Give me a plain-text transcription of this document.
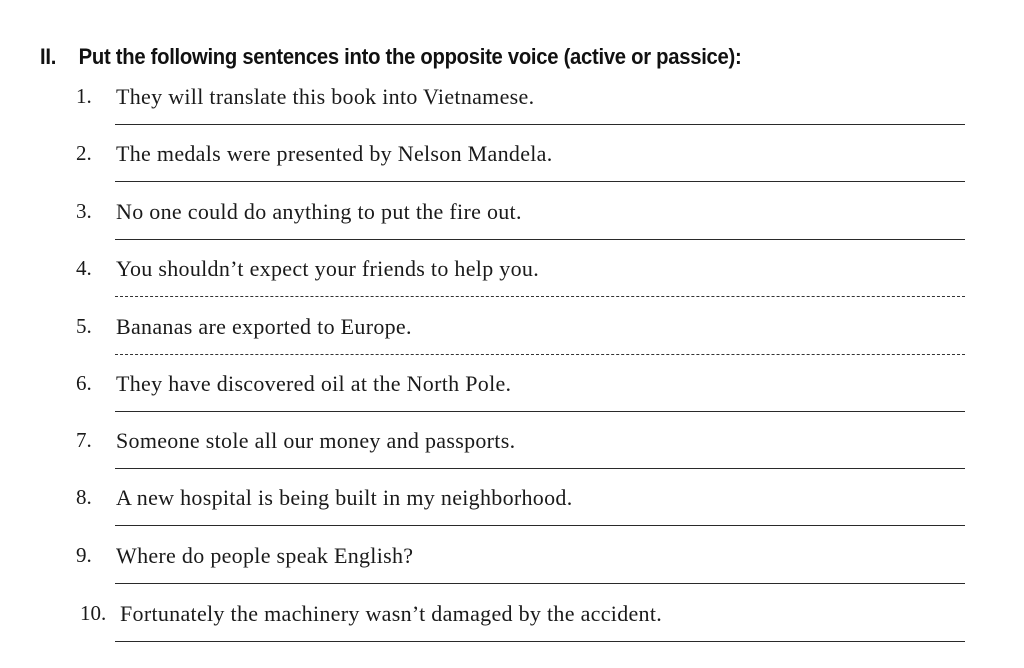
II. Put the following sentences into the opposite voice (active or passice):
1. They will translate this book into Vietnamese.
2. The medals were presented by Nelson Mandela.
3. No one could do anything to put the fire out.
4. You shouldn’t expect your friends to help you.
5. Bananas are exported to Europe.
6. They have discovered oil at the North Pole.
7. Someone stole all our money and passports.
8. A new hospital is being built in my neighborhood.
9. Where do people speak English?
10. Fortunately the machinery wasn’t damaged by the accident.
